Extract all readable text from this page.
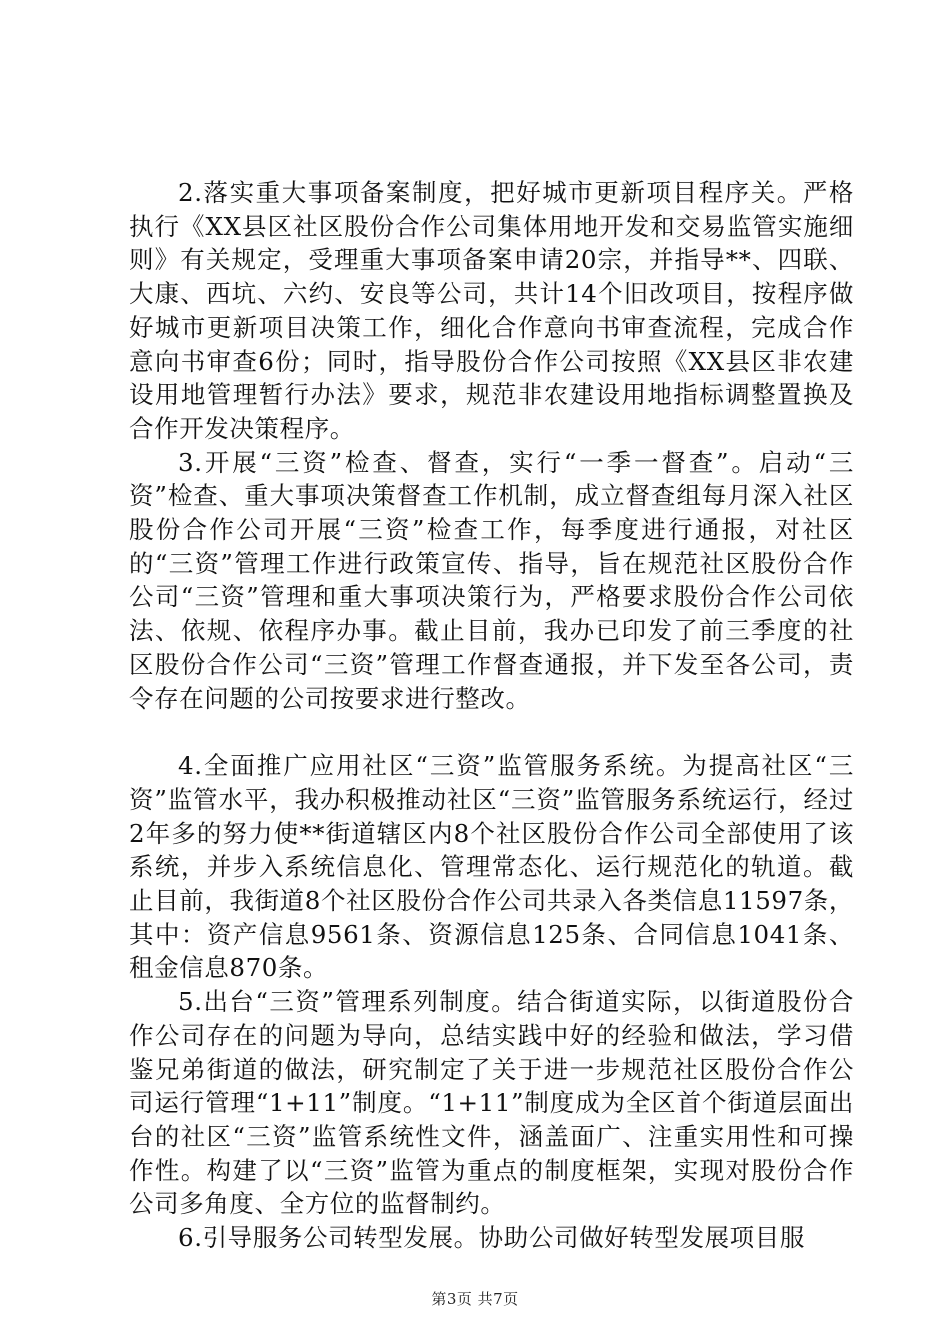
2.落实重大事项备案制度，把好城市更新项目程序关。严格执行《XX县区社区股份合作公司集体用地开发和交易监管实施细则》有关规定，受理重大事项备案申请20宗，并指导**、四联、大康、西坑、六约、安良等公司，共计14个旧改项目，按程序做好城市更新项目决策工作，细化合作意向书审查流程，完成合作意向书审查6份；同时，指导股份合作公司按照《XX县区非农建设用地管理暂行办法》要求，规范非农建设用地指标调整置换及合作开发决策程序。

3.开展“三资”检查、督查，实行“一季一督查”。启动“三资”检查、重大事项决策督查工作机制，成立督查组每月深入社区股份合作公司开展“三资”检查工作，每季度进行通报，对社区的“三资”管理工作进行政策宣传、指导，旨在规范社区股份合作公司“三资”管理和重大事项决策行为，严格要求股份合作公司依法、依规、依程序办事。截止目前，我办已印发了前三季度的社区股份合作公司“三资”管理工作督查通报，并下发至各公司，责令存在问题的公司按要求进行整改。

4.全面推广应用社区“三资”监管服务系统。为提高社区“三资”监管水平，我办积极推动社区“三资”监管服务系统运行，经过2年多的努力使**街道辖区内8个社区股份合作公司全部使用了该系统，并步入系统信息化、管理常态化、运行规范化的轨道。截止目前，我街道8个社区股份合作公司共录入各类信息11597条，其中：资产信息9561条、资源信息125条、合同信息1041条、租金信息870条。

5.出台“三资”管理系列制度。结合街道实际，以街道股份合作公司存在的问题为导向，总结实践中好的经验和做法，学习借鉴兄弟街道的做法，研究制定了关于进一步规范社区股份合作公司运行管理“1+11”制度。“1+11”制度成为全区首个街道层面出台的社区“三资”监管系统性文件，涵盖面广、注重实用性和可操作性。构建了以“三资”监管为重点的制度框架，实现对股份合作公司多角度、全方位的监督制约。

6.引导服务公司转型发展。协助公司做好转型发展项目服

第3页 共7页
